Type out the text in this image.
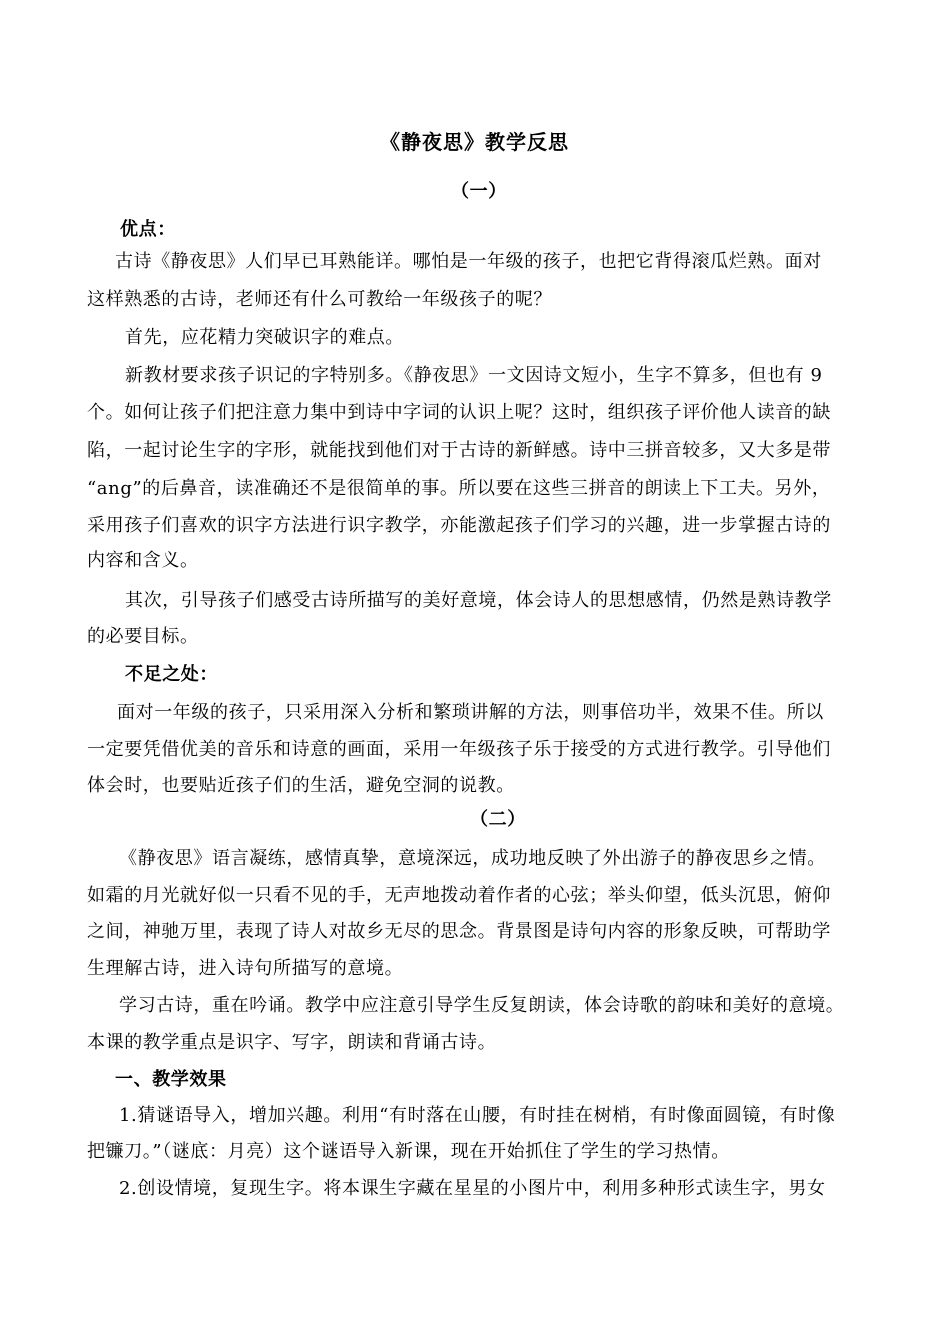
《静夜思》教学反思
（一）
优点：
古诗《静夜思》人们早已耳熟能详。哪怕是一年级的孩子，也把它背得滚瓜烂熟。面对
这样熟悉的古诗，老师还有什么可教给一年级孩子的呢？
首先，应花精力突破识字的难点。
新教材要求孩子识记的字特别多。《静夜思》一文因诗文短小，生字不算多，但也有 9
个。如何让孩子们把注意力集中到诗中字词的认识上呢？这时，组织孩子评价他人读音的缺
陷，一起讨论生字的字形，就能找到他们对于古诗的新鲜感。诗中三拼音较多，又大多是带
“ang”的后鼻音，读准确还不是很简单的事。所以要在这些三拼音的朗读上下工夫。另外，
采用孩子们喜欢的识字方法进行识字教学，亦能激起孩子们学习的兴趣，进一步掌握古诗的
内容和含义。
其次，引导孩子们感受古诗所描写的美好意境，体会诗人的思想感情，仍然是熟诗教学
的必要目标。
不足之处：
面对一年级的孩子，只采用深入分析和繁琐讲解的方法，则事倍功半，效果不佳。所以
一定要凭借优美的音乐和诗意的画面，采用一年级孩子乐于接受的方式进行教学。引导他们
体会时，也要贴近孩子们的生活，避免空洞的说教。
（二）
《静夜思》语言凝练，感情真挚，意境深远，成功地反映了外出游子的静夜思乡之情。
如霜的月光就好似一只看不见的手，无声地拨动着作者的心弦；举头仰望，低头沉思，俯仰
之间，神驰万里，表现了诗人对故乡无尽的思念。背景图是诗句内容的形象反映，可帮助学
生理解古诗，进入诗句所描写的意境。
学习古诗，重在吟诵。教学中应注意引导学生反复朗读，体会诗歌的韵味和美好的意境。
本课的教学重点是识字、写字，朗读和背诵古诗。
一、教学效果
1.猜谜语导入，增加兴趣。利用“有时落在山腰，有时挂在树梢，有时像面圆镜，有时像
把镰刀。”（谜底：月亮）这个谜语导入新课，现在开始抓住了学生的学习热情。
2.创设情境，复现生字。将本课生字藏在星星的小图片中，利用多种形式读生字，男女
